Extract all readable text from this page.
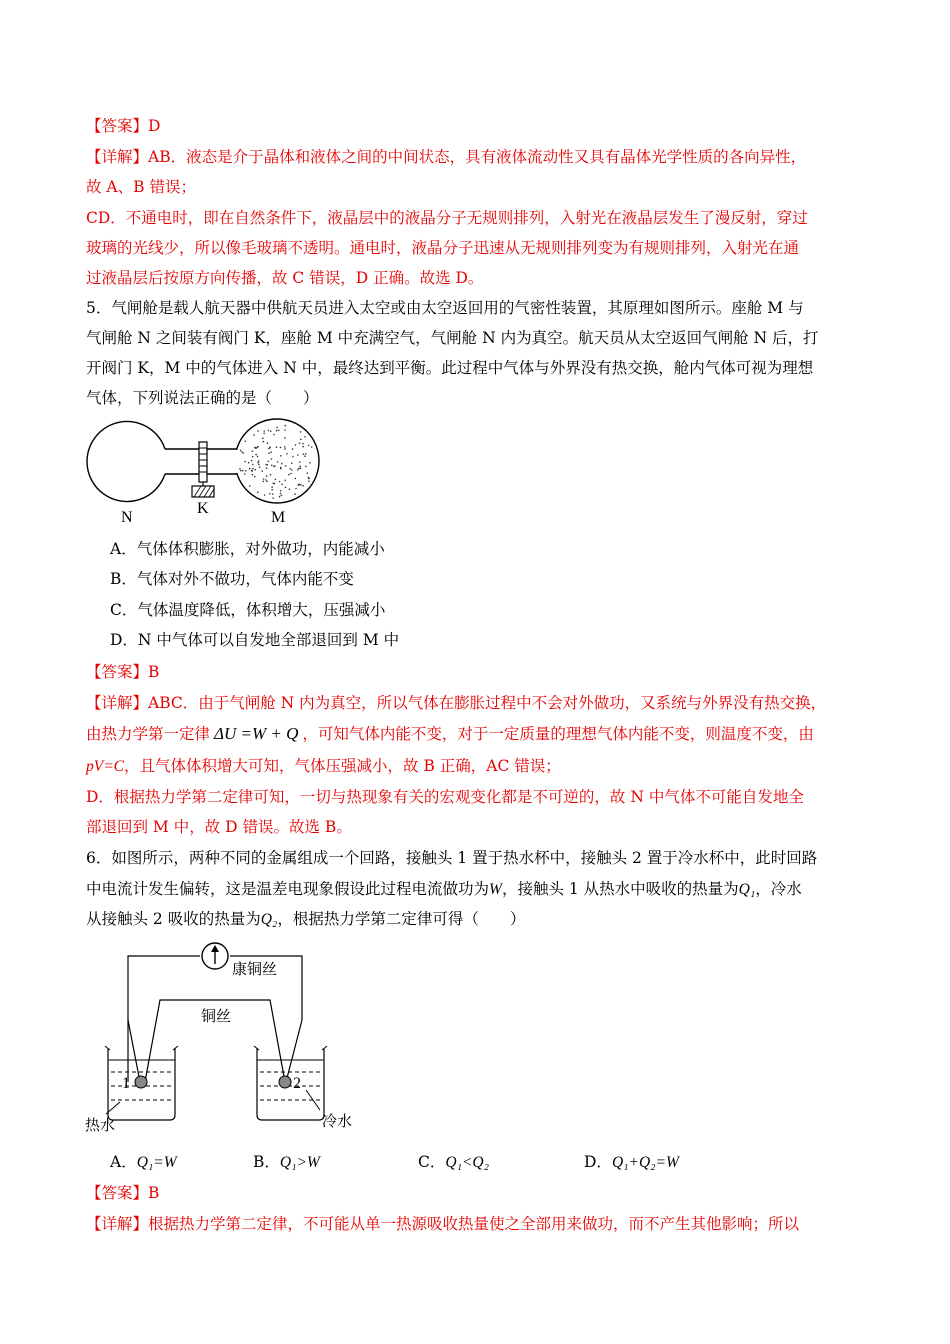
【答案】D
【详解】AB．液态是介于晶体和液体之间的中间状态，具有液体流动性又具有晶体光学性质的各向异性，
故 A、B 错误；
CD．不通电时，即在自然条件下，液晶层中的液晶分子无规则排列，入射光在液晶层发生了漫反射，穿过
玻璃的光线少，所以像毛玻璃不透明。通电时，液晶分子迅速从无规则排列变为有规则排列，入射光在通
过液晶层后按原方向传播，故 C 错误，D 正确。故选 D。
5．气闸舱是载人航天器中供航天员进入太空或由太空返回用的气密性装置，其原理如图所示。座舱 M 与
气闸舱 N 之间装有阀门 K，座舱 M 中充满空气，气闸舱 N 内为真空。航天员从太空返回气闸舱 N 后，打
开阀门 K，M 中的气体进入 N 中，最终达到平衡。此过程中气体与外界没有热交换，舱内气体可视为理想
气体，下列说法正确的是（　　）
N
K
M
A．气体体积膨胀，对外做功，内能减小
B．气体对外不做功，气体内能不变
C．气体温度降低，体积增大，压强减小
D．N 中气体可以自发地全部退回到 M 中
【答案】B
【详解】ABC．由于气闸舱 N 内为真空，所以气体在膨胀过程中不会对外做功，又系统与外界没有热交换，
由热力学第一定律 ΔU =W + Q ，可知气体内能不变，对于一定质量的理想气体内能不变，则温度不变，由
pV=C，且气体体积增大可知，气体压强减小，故 B 正确，AC 错误；
D．根据热力学第二定律可知，一切与热现象有关的宏观变化都是不可逆的，故 N 中气体不可能自发地全
部退回到 M 中，故 D 错误。故选 B。
6．如图所示，两种不同的金属组成一个回路，接触头 1 置于热水杯中，接触头 2 置于冷水杯中，此时回路
中电流计发生偏转，这是温差电现象假设此过程电流做功为W，接触头 1 从热水中吸收的热量为Q₁，冷水
从接触头 2 吸收的热量为Q₂，根据热力学第二定律可得（　　）
1	2
康铜丝
铜丝
热水	冷水
A．Q₁=W	B．Q₁>W	C．Q₁<Q₂	D．Q₁+Q₂=W
【答案】B
【详解】根据热力学第二定律，不可能从单一热源吸收热量使之全部用来做功，而不产生其他影响；所以
